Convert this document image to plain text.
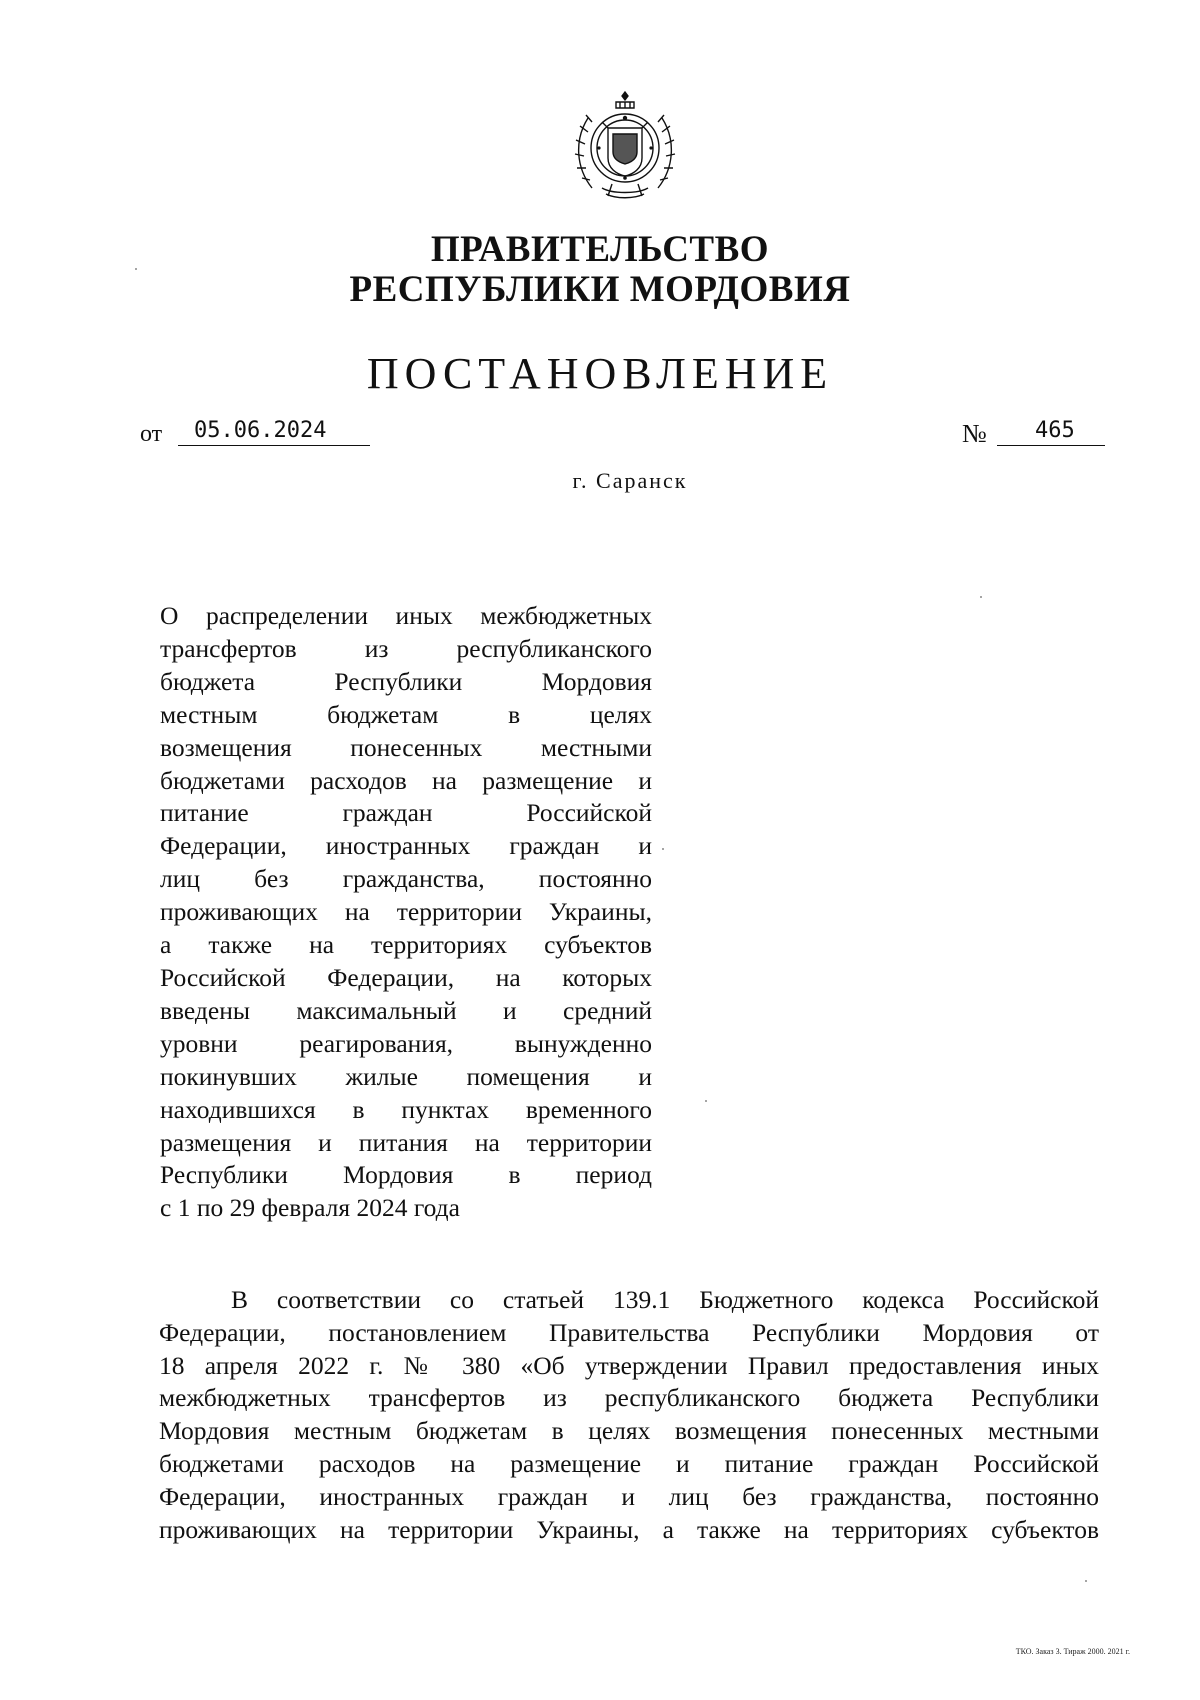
ПРАВИТЕЛЬСТВО
РЕСПУБЛИКИ МОРДОВИЯ
ПОСТАНОВЛЕНИЕ
от	05.06.2024	№	465
г. Саранск
О распределении иных межбюджетных
трансфертов из республиканского
бюджета Республики Мордовия
местным бюджетам в целях
возмещения понесенных местными
бюджетами расходов на размещение и
питание граждан Российской
Федерации, иностранных граждан и
лиц без гражданства, постоянно
проживающих на территории Украины,
а также на территориях субъектов
Российской Федерации, на которых
введены максимальный и средний
уровни реагирования, вынужденно
покинувших жилые помещения и
находившихся в пунктах временного
размещения и питания на территории
Республики Мордовия в период
с 1 по 29 февраля 2024 года
В соответствии со статьей 139.1 Бюджетного кодекса Российской
Федерации, постановлением Правительства Республики Мордовия от
18 апреля 2022 г. № 380 «Об утверждении Правил предоставления иных
межбюджетных трансфертов из республиканского бюджета Республики
Мордовия местным бюджетам в целях возмещения понесенных местными
бюджетами расходов на размещение и питание граждан Российской
Федерации, иностранных граждан и лиц без гражданства, постоянно
проживающих на территории Украины, а также на территориях субъектов
ТКО. Заказ 3. Тираж 2000. 2021 г.
